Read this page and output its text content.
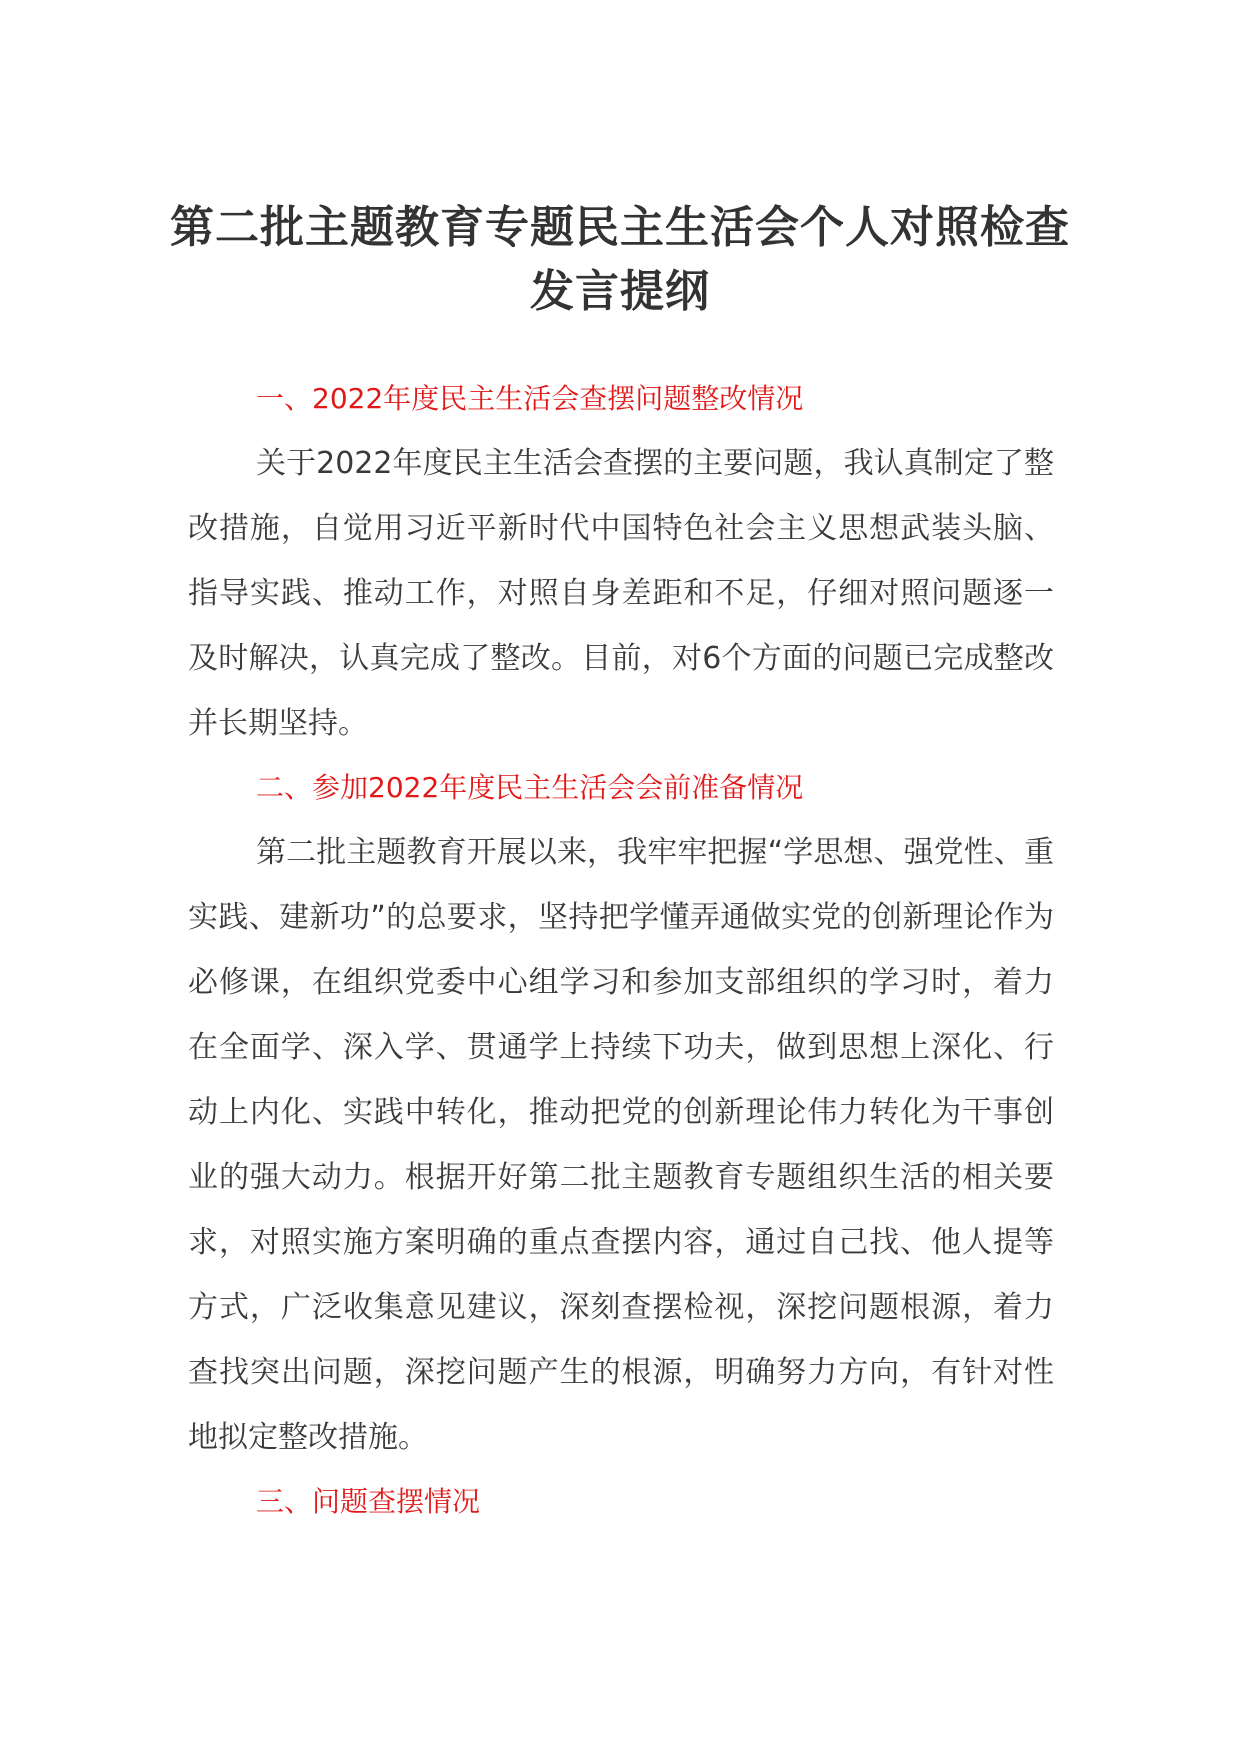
第二批主题教育专题民主生活会个人对照检查发言提纲

一、2022年度民主生活会查摆问题整改情况

关于2022年度民主生活会查摆的主要问题，我认真制定了整改措施，自觉用习近平新时代中国特色社会主义思想武装头脑、指导实践、推动工作，对照自身差距和不足，仔细对照问题逐一及时解决，认真完成了整改。目前，对6个方面的问题已完成整改并长期坚持。

二、参加2022年度民主生活会会前准备情况

第二批主题教育开展以来，我牢牢把握“学思想、强党性、重实践、建新功”的总要求，坚持把学懂弄通做实党的创新理论作为必修课，在组织党委中心组学习和参加支部组织的学习时，着力在全面学、深入学、贯通学上持续下功夫，做到思想上深化、行动上内化、实践中转化，推动把党的创新理论伟力转化为干事创业的强大动力。根据开好第二批主题教育专题组织生活的相关要求，对照实施方案明确的重点查摆内容，通过自己找、他人提等方式，广泛收集意见建议，深刻查摆检视，深挖问题根源，着力查找突出问题，深挖问题产生的根源，明确努力方向，有针对性地拟定整改措施。

三、问题查摆情况
